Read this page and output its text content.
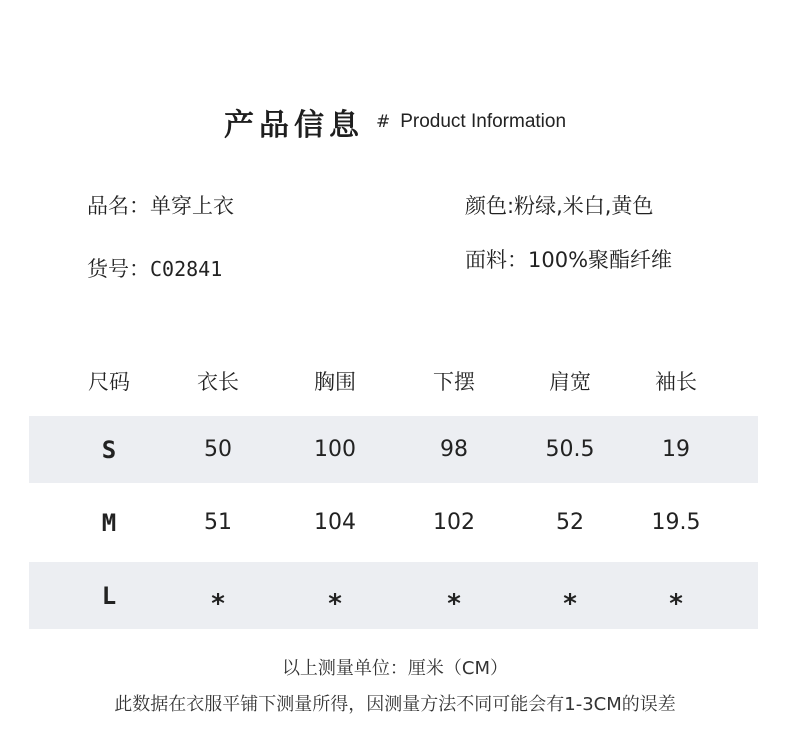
产品信息 # Product Information
品名：单穿上衣
货号：C02841
颜色:粉绿,米白,黄色
面料：100%聚酯纤维
尺码	衣长	胸围	下摆	肩宽	袖长
S	50	100	98	50.5	19
M	51	104	102	52	19.5
L	*	*	*	*	*
以上测量单位：厘米（CM）
此数据在衣服平铺下测量所得，因测量方法不同可能会有1-3CM的误差
